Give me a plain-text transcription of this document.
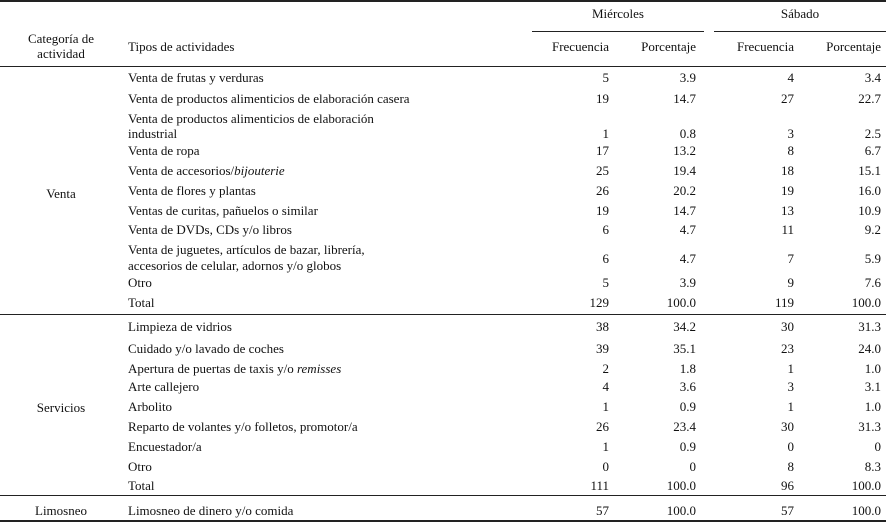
Categoría de
actividad	Tipos de actividades
Miércoles	Sábado
Frecuencia	Porcentaje	Frecuencia	Porcentaje
Venta
Venta de frutas y verduras	5	3.9	4	3.4
Venta de productos alimenticios de elaboración casera	19	14.7	27	22.7
Venta de productos alimenticios de elaboración
industrial	1	0.8	3	2.5
Venta de ropa	17	13.2	8	6.7
Venta de accesorios/bijouterie	25	19.4	18	15.1
Venta de flores y plantas	26	20.2	19	16.0
Ventas de curitas, pañuelos o similar	19	14.7	13	10.9
Venta de DVDs, CDs y/o libros	6	4.7	11	9.2
Venta de juguetes, artículos de bazar, librería,
accesorios de celular, adornos y/o globos	6	4.7	7	5.9
Otro	5	3.9	9	7.6
Total	129	100.0	119	100.0
Servicios
Limpieza de vidrios	38	34.2	30	31.3
Cuidado y/o lavado de coches	39	35.1	23	24.0
Apertura de puertas de taxis y/o remisses	2	1.8	1	1.0
Arte callejero	4	3.6	3	3.1
Arbolito	1	0.9	1	1.0
Reparto de volantes y/o folletos, promotor/a	26	23.4	30	31.3
Encuestador/a	1	0.9	0	0
Otro	0	0	8	8.3
Total	111	100.0	96	100.0
Limosneo	Limosneo de dinero y/o comida	57	100.0	57	100.0
